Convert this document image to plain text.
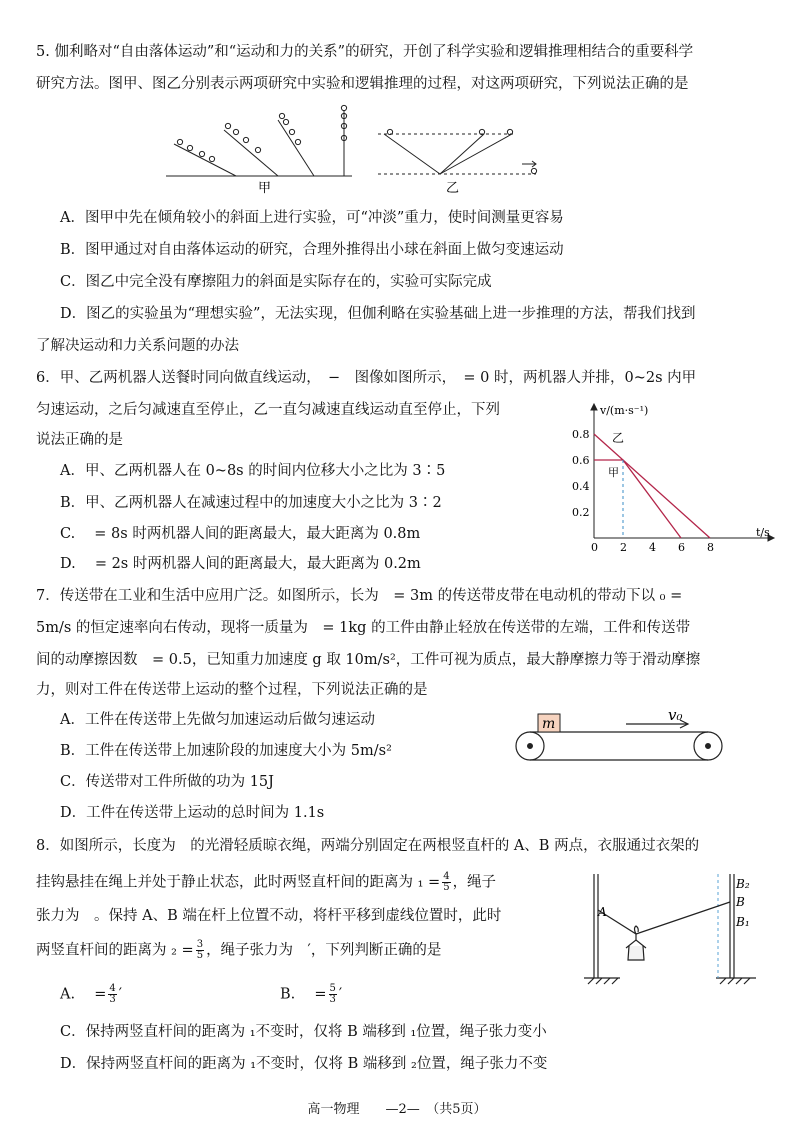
5. 伽利略对“自由落体运动”和“运动和力的关系”的研究，开创了科学实验和逻辑推理相结合的重要科学
研究方法。图甲、图乙分别表示两项研究中实验和逻辑推理的过程，对这两项研究，下列说法正确的是
甲	乙
A．图甲中先在倾角较小的斜面上进行实验，可“冲淡”重力，使时间测量更容易
B．图甲通过对自由落体运动的研究，合理外推得出小球在斜面上做匀变速运动
C．图乙中完全没有摩擦阻力的斜面是实际存在的，实验可实际完成
D．图乙的实验虽为“理想实验”，无法实现，但伽利略在实验基础上进一步推理的方法，帮我们找到
了解决运动和力关系问题的办法
6．甲、乙两机器人送餐时同向做直线运动，　−　图像如图所示，　= 0 时，两机器人并排，0~2s 内甲
匀速运动，之后匀减速直至停止，乙一直匀减速直线运动直至停止，下列
说法正确的是
A．甲、乙两机器人在 0~8s 的时间内位移大小之比为 3∶5
B．甲、乙两机器人在减速过程中的加速度大小之比为 3∶2
C.　 = 8s 时两机器人间的距离最大，最大距离为 0.8m
D.　 = 2s 时两机器人间的距离最大，最大距离为 0.2m
v/(m·s⁻¹)
t/s
0 2 4 6 8
0.8
0.6
0.4
0.2
乙
甲
7．传送带在工业和生活中应用广泛。如图所示，长为　= 3m 的传送带皮带在电动机的带动下以 ₀ =
5m/s 的恒定速率向右传动，现将一质量为　= 1kg 的工件由静止轻放在传送带的左端，工件和传送带
间的动摩擦因数　= 0.5，已知重力加速度 g 取 10m/s²，工件可视为质点，最大静摩擦力等于滑动摩擦
力，则对工件在传送带上运动的整个过程，下列说法正确的是
A．工件在传送带上先做匀加速运动后做匀速运动
B．工件在传送带上加速阶段的加速度大小为 5m/s²
C．传送带对工件所做的功为 15J
D．工件在传送带上运动的总时间为 1.1s
m	v₀
8．如图所示，长度为　的光滑轻质晾衣绳，两端分别固定在两根竖直杆的 A、B 两点，衣服通过衣架的
挂钩悬挂在绳上并处于静止状态，此时两竖直杆间的距离为 $_1 = \frac{4}{5}$ ，绳子
张力为　。保持 A、B 端在杆上位置不动，将杆平移到虚线位置时，此时
两竖直杆间的距离为 $_2 = \frac{3}{5}$ ，绳子张力为　′，下列判断正确的是
A.　 = $\frac{4}{3}$ ′	B.　 = $\frac{5}{3}$ ′
C．保持两竖直杆间的距离为 ₁不变时，仅将 B 端移到 ₁位置，绳子张力变小
D．保持两竖直杆间的距离为 ₁不变时，仅将 B 端移到 ₂位置，绳子张力不变
A
B₂
B
B₁
高一物理　　—2—　（共5页）
